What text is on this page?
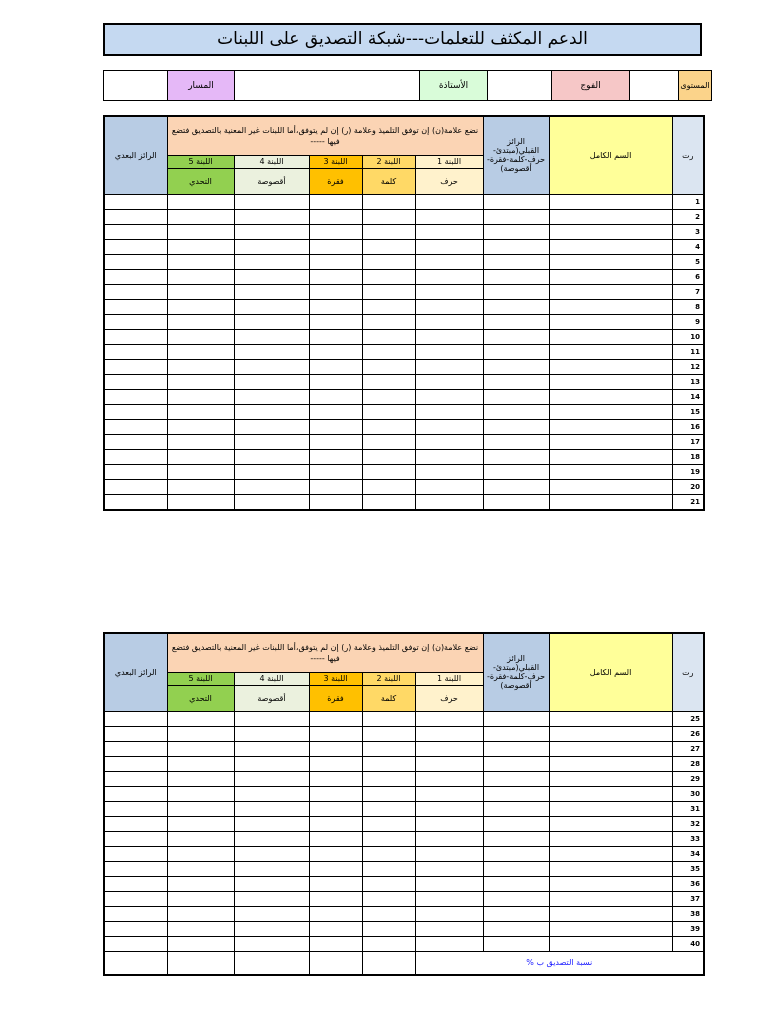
الدعم المكثف للتعلمات---شبكة التصديق على اللبنات
	المسار		الأستاذة		الفوج		المستوى
الرائز البعدي	نضع علامة(ن) إن توفق التلميذ وعلامة (ر) إن لم يتوفق،أما اللبنات غير المعنية بالتصديق فتضع فيها -----					الرائز القبلي(مبتدئ- حرف-كلمة-فقرة- أقصوصة)	السم الكامل	رت
	اللبنة 5	اللبنة 4	اللبنة 3	اللبنة 2	اللبنة 1			
	التحدي	أقصوصة	فقرة	كلمة	حرف			
								1
								2
								3
								4
								5
								6
								7
								8
								9
								10
								11
								12
								13
								14
								15
								16
								17
								18
								19
								20
								21
الرائز البعدي	نضع علامة(ن) إن توفق التلميذ وعلامة (ر) إن لم يتوفق،أما اللبنات غير المعنية بالتصديق فتضع فيها -----					الرائز القبلي(مبتدئ- حرف-كلمة-فقرة- أقصوصة)	السم الكامل	رت
	اللبنة 5	اللبنة 4	اللبنة 3	اللبنة 2	اللبنة 1			
	التحدي	أقصوصة	فقرة	كلمة	حرف			
								25
								26
								27
								28
								29
								30
								31
								32
								33
								34
								35
								36
								37
								38
								39
								40
					نسبة التصديق ب %			
